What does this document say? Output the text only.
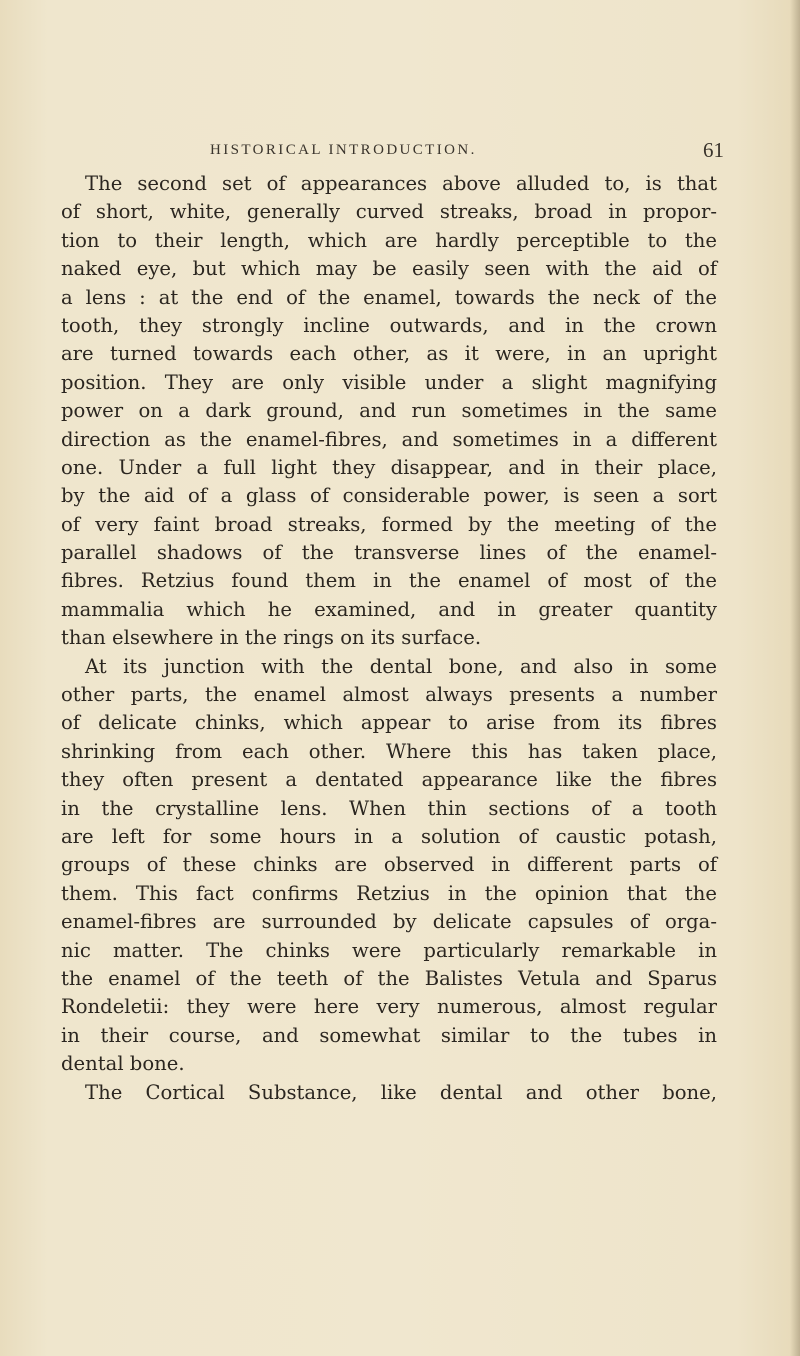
HISTORICAL INTRODUCTION.	61
The second set of appearances above alluded to, is that
of short, white, generally curved streaks, broad in propor-
tion to their length, which are hardly perceptible to the
naked eye, but which may be easily seen with the aid of
a lens : at the end of the enamel, towards the neck of the
tooth, they strongly incline outwards, and in the crown
are turned towards each other, as it were, in an upright
position. They are only visible under a slight magnifying
power on a dark ground, and run sometimes in the same
direction as the enamel-fibres, and sometimes in a different
one. Under a full light they disappear, and in their place,
by the aid of a glass of considerable power, is seen a sort
of very faint broad streaks, formed by the meeting of the
parallel shadows of the transverse lines of the enamel-
fibres. Retzius found them in the enamel of most of the
mammalia which he examined, and in greater quantity
than elsewhere in the rings on its surface.
At its junction with the dental bone, and also in some
other parts, the enamel almost always presents a number
of delicate chinks, which appear to arise from its fibres
shrinking from each other. Where this has taken place,
they often present a dentated appearance like the fibres
in the crystalline lens. When thin sections of a tooth
are left for some hours in a solution of caustic potash,
groups of these chinks are observed in different parts of
them. This fact confirms Retzius in the opinion that the
enamel-fibres are surrounded by delicate capsules of orga-
nic matter. The chinks were particularly remarkable in
the enamel of the teeth of the Balistes Vetula and Sparus
Rondeletii: they were here very numerous, almost regular
in their course, and somewhat similar to the tubes in
dental bone.
The Cortical Substance, like dental and other bone,
